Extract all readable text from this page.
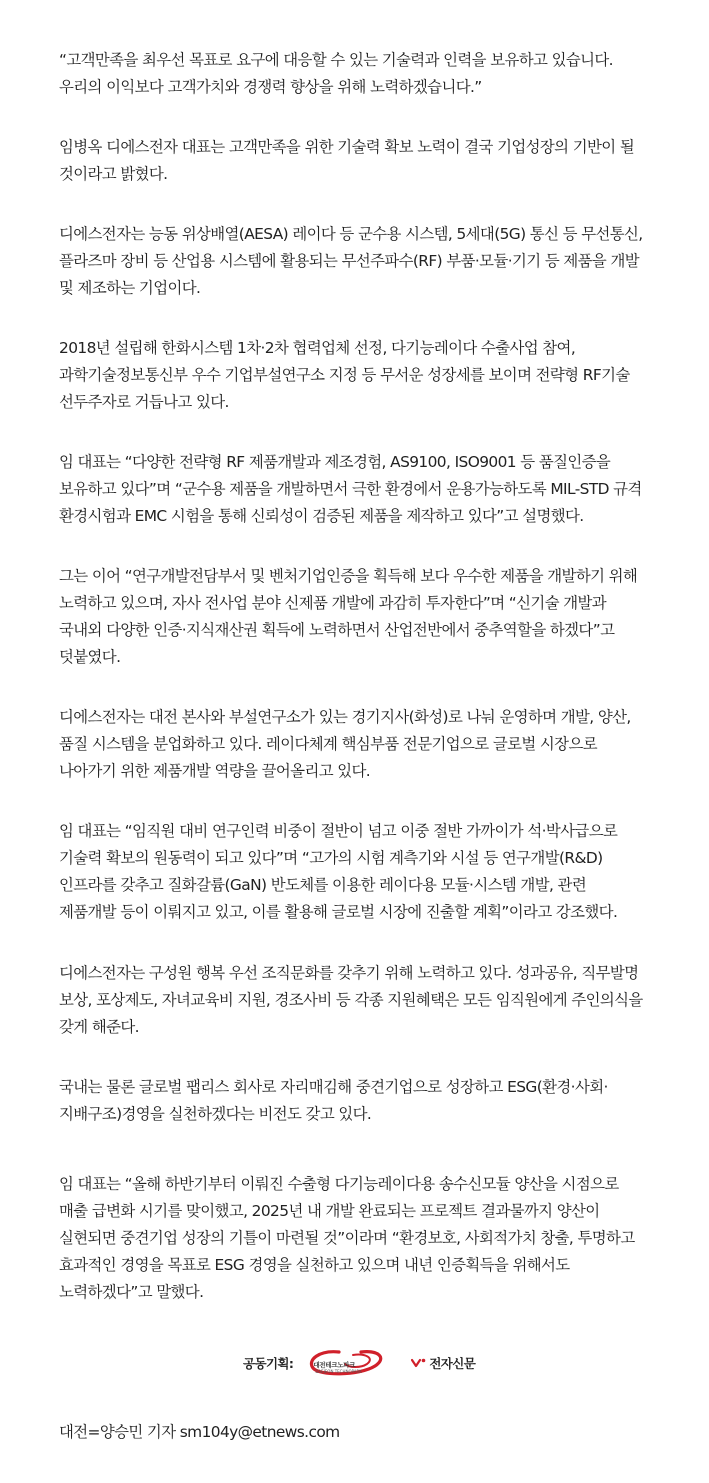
“고객만족을 최우선 목표로 요구에 대응할 수 있는 기술력과 인력을 보유하고 있습니다.
우리의 이익보다 고객가치와 경쟁력 향상을 위해 노력하겠습니다.”

임병옥 디에스전자 대표는 고객만족을 위한 기술력 확보 노력이 결국 기업성장의 기반이 될
것이라고 밝혔다.

디에스전자는 능동 위상배열(AESA) 레이다 등 군수용 시스템, 5세대(5G) 통신 등 무선통신,
플라즈마 장비 등 산업용 시스템에 활용되는 무선주파수(RF) 부품·모듈·기기 등 제품을 개발
및 제조하는 기업이다.

2018년 설립해 한화시스템 1차·2차 협력업체 선정, 다기능레이다 수출사업 참여,
과학기술정보통신부 우수 기업부설연구소 지정 등 무서운 성장세를 보이며 전략형 RF기술
선두주자로 거듭나고 있다.

임 대표는 “다양한 전략형 RF 제품개발과 제조경험, AS9100, ISO9001 등 품질인증을
보유하고 있다”며 “군수용 제품을 개발하면서 극한 환경에서 운용가능하도록 MIL-STD 규격
환경시험과 EMC 시험을 통해 신뢰성이 검증된 제품을 제작하고 있다”고 설명했다.

그는 이어 “연구개발전담부서 및 벤처기업인증을 획득해 보다 우수한 제품을 개발하기 위해
노력하고 있으며, 자사 전사업 분야 신제품 개발에 과감히 투자한다”며 “신기술 개발과
국내외 다양한 인증·지식재산권 획득에 노력하면서 산업전반에서 중추역할을 하겠다”고
덧붙였다.

디에스전자는 대전 본사와 부설연구소가 있는 경기지사(화성)로 나눠 운영하며 개발, 양산,
품질 시스템을 분업화하고 있다. 레이다체계 핵심부품 전문기업으로 글로벌 시장으로
나아가기 위한 제품개발 역량을 끌어올리고 있다.

임 대표는 “임직원 대비 연구인력 비중이 절반이 넘고 이중 절반 가까이가 석·박사급으로
기술력 확보의 원동력이 되고 있다”며 “고가의 시험 계측기와 시설 등 연구개발(R&D)
인프라를 갖추고 질화갈륨(GaN) 반도체를 이용한 레이다용 모듈·시스템 개발, 관련
제품개발 등이 이뤄지고 있고, 이를 활용해 글로벌 시장에 진출할 계획”이라고 강조했다.

디에스전자는 구성원 행복 우선 조직문화를 갖추기 위해 노력하고 있다. 성과공유, 직무발명
보상, 포상제도, 자녀교육비 지원, 경조사비 등 각종 지원혜택은 모든 임직원에게 주인의식을
갖게 해준다.

국내는 물론 글로벌 팹리스 회사로 자리매김해 중견기업으로 성장하고 ESG(환경·사회·
지배구조)경영을 실천하겠다는 비전도 갖고 있다.

임 대표는 “올해 하반기부터 이뤄진 수출형 다기능레이다용 송수신모듈 양산을 시점으로
매출 급변화 시기를 맞이했고, 2025년 내 개발 완료되는 프로젝트 결과물까지 양산이
실현되면 중견기업 성장의 기틀이 마련될 것”이라며 “환경보호, 사회적가치 창출, 투명하고
효과적인 경영을 목표로 ESG 경영을 실천하고 있으며 내년 인증획득을 위해서도
노력하겠다”고 말했다.

공동기획:	대전테크노파크
DAEJEON TECHNOPARK
전자신문
대전=양승민 기자 sm104y@etnews.com
